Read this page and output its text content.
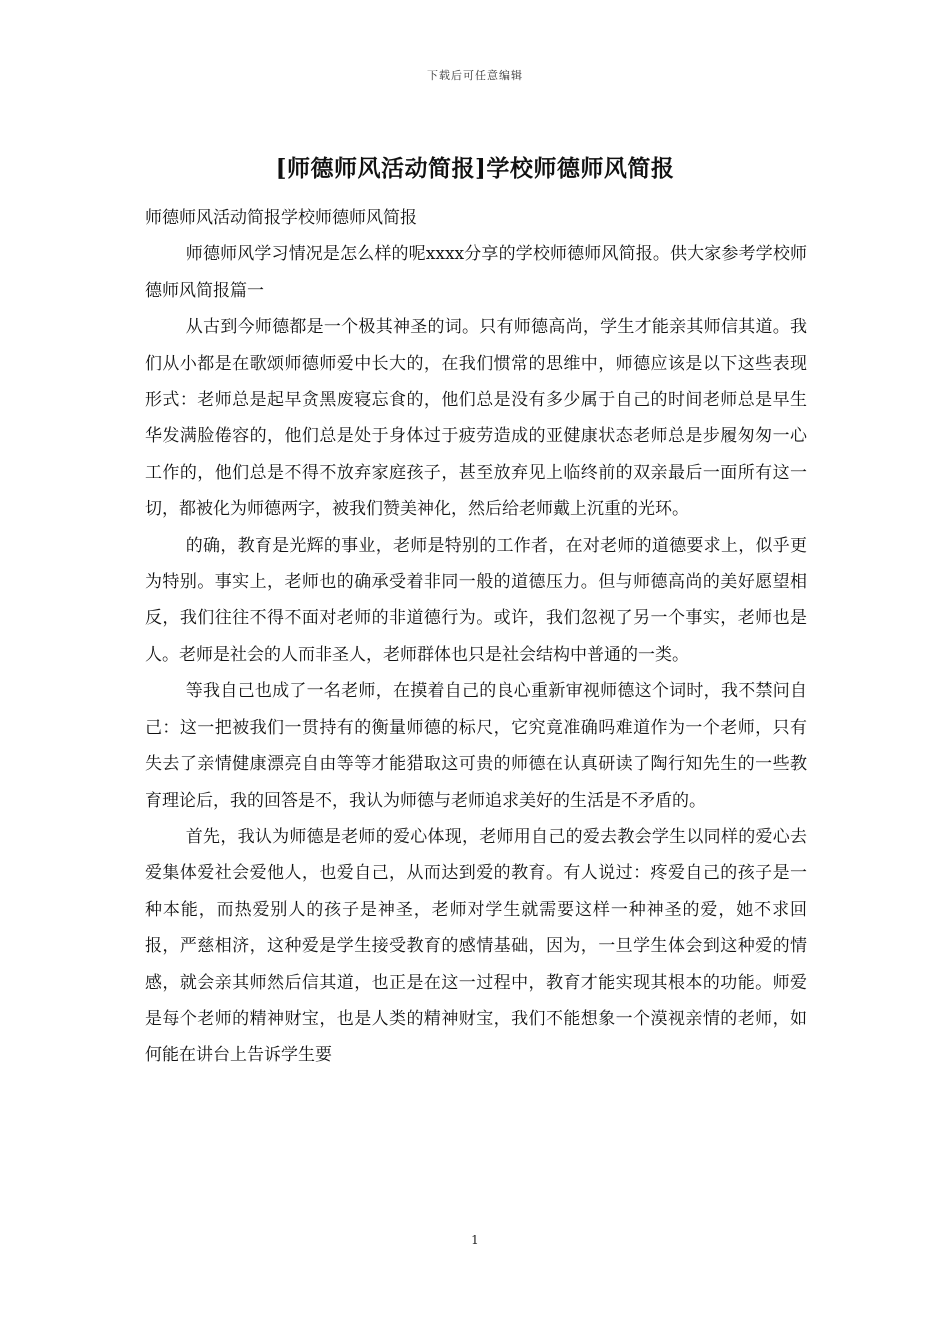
下载后可任意编辑
[师德师风活动简报]学校师德师风简报

师德师风活动简报学校师德师风简报

师德师风学习情况是怎么样的呢xxxx分享的学校师德师风简报。供大家参考学校师德师风简报篇一

从古到今师德都是一个极其神圣的词。只有师德高尚，学生才能亲其师信其道。我们从小都是在歌颂师德师爱中长大的，在我们惯常的思维中，师德应该是以下这些表现形式：老师总是起早贪黑废寝忘食的，他们总是没有多少属于自己的时间老师总是早生华发满脸倦容的，他们总是处于身体过于疲劳造成的亚健康状态老师总是步履匆匆一心工作的，他们总是不得不放弃家庭孩子，甚至放弃见上临终前的双亲最后一面所有这一切，都被化为师德两字，被我们赞美神化，然后给老师戴上沉重的光环。

的确，教育是光辉的事业，老师是特别的工作者，在对老师的道德要求上，似乎更为特别。事实上，老师也的确承受着非同一般的道德压力。但与师德高尚的美好愿望相反，我们往往不得不面对老师的非道德行为。或许，我们忽视了另一个事实，老师也是人。老师是社会的人而非圣人，老师群体也只是社会结构中普通的一类。

等我自己也成了一名老师，在摸着自己的良心重新审视师德这个词时，我不禁问自己：这一把被我们一贯持有的衡量师德的标尺，它究竟准确吗难道作为一个老师，只有失去了亲情健康漂亮自由等等才能猎取这可贵的师德在认真研读了陶行知先生的一些教育理论后，我的回答是不，我认为师德与老师追求美好的生活是不矛盾的。

首先，我认为师德是老师的爱心体现，老师用自己的爱去教会学生以同样的爱心去爱集体爱社会爱他人，也爱自己，从而达到爱的教育。有人说过：疼爱自己的孩子是一种本能，而热爱别人的孩子是神圣，老师对学生就需要这样一种神圣的爱，她不求回报，严慈相济，这种爱是学生接受教育的感情基础，因为，一旦学生体会到这种爱的情感，就会亲其师然后信其道，也正是在这一过程中，教育才能实现其根本的功能。师爱是每个老师的精神财宝，也是人类的精神财宝，我们不能想象一个漠视亲情的老师，如何能在讲台上告诉学生要

1
